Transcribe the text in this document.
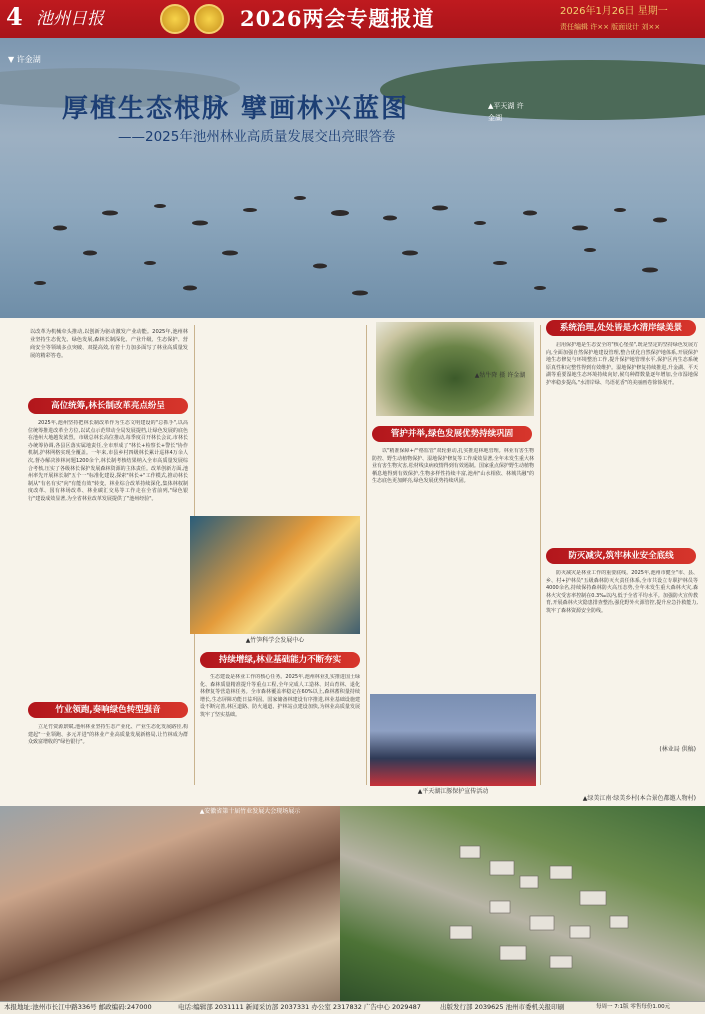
4 池州日报	2026两会专题报道	2026年1月26日 星期一
责任编辑 许×× 版面设计 刘××
▼ 许金湖
厚植生态根脉 擘画林兴蓝图
——2025年池州林业高质量发展交出亮眼答卷
▲平天湖 许金湖
以改革为机械牵头推动,以创新为驱动激发产业动能。2025年,池州林业坚持生态优先、绿色发展,森林长制深化、产业升级、生态保护、营商安全等领域多点突破、双提高效,有着十力加多面写了林业高质量发展的精彩答卷。
高位统筹,林长制改革亮点纷呈
2025年,池州坚持把林长制改革作为生态文明建设的"总抓手",以高位统筹推进改革全方位,以试点示范带动全局发展提档,让绿色发展的底色在池州大地越发浓烈。市级总林长高位推动,每季度召开林长会议,市林长办统筹协调,各县区落实属地责任,全市形成了"林长+检察长+警长"协作机制,护林网格实现全覆盖。一年来,市县乡村四级林长累计巡林4万余人次,督办解决涉林问题1200余个,林长制考核结果纳入全市高质量发展综合考核,压实了各级林长保护发展森林资源的主体责任。改革创新方面,池州率先开展林长制"五个一"标准化建设,探索"林长+"工作模式,推动林长制从"有名有实"向"有能有效"转变。林业综合改革持续深化,集体林权制度改革、国有林场改革、林业碳汇交易等工作走在全省前列,"绿色银行"建设成效显著,为全省林业改革发展提供了"池州经验"。
竹业领跑,奏响绿色转型强音
立足竹资源禀赋,池州林业坚持生态产业化、产业生态化发展路径,构建起"一业领跑、多元并进"的林业产业高质量发展新格局,让竹林成为群众致富增收的"绿色银行"。
▲竹笋科学会发展中心
持续增绿,林业基础能力不断夯实
生态建设是林业工作的核心任务。2025年,池州林业扎实推进国土绿化、森林质量精准提升等重点工程,全年完成人工造林、封山育林、退化林修复等营造林任务。全市森林覆盖率稳定在60%以上,森林蓄积量持续增长,生态屏障功能日益巩固。国家储备林建设有序推进,林业基础设施建设不断完善,林区道路、防火通道、护林站点建设加快,为林业高质量发展筑牢了坚实基础。
▲牯牛降 摄 许金湖
管护并举,绿色发展优势持续巩固
以"精准保障+严格监管"双轮驱动,扎实推进林地管理。林业有害生物防控、野生动植物保护、湿地保护修复等工作成效显著,全年未发生重大林业有害生物灾害,松材线虫病疫情得到有效遏制。国家重点保护野生动植物栖息地得到有效保护,生物多样性持续丰富,池州"山水相依、林城共融"的生态底色更加鲜亮,绿色发展优势持续巩固。
▲平天湖江豚保护宣传活动
系统治理,处处皆是水清岸绿美景
启用保护地是生态安全的"核心堡垒",既是坚定的坚持绿色发展方向,全面加强自然保护地建设管理,整合优化自然保护地体系,开展保护地生态修复与环境整治工作,提升保护地管理水平,保护区内生态系统原真性和完整性得到有效维护。湿地保护修复持续推进,升金湖、平天湖等重要湿地生态环境持续向好,候鸟种群数量逐年增加,全市湿地保护率稳步提高,"水清岸绿、鸟语花香"的美丽画卷徐徐展开。
防灭减灾,筑牢林业安全底线
防灭减灾是林业工作的重要底线。2025年,池州市健全"市、县、乡、村+护林员"五级森林防灭火责任体系,全市共设立专职护林员等4000余名,持续保持森林防火高压态势,全年未发生重大森林火灾,森林火灾受害率控制在0.3‰以内,低于全省平均水平。加强防火宣传教育,开展森林火灾隐患排查整治,强化野外火源管控,提升应急扑救能力,筑牢了森林资源安全防线。
(林业局 供稿)
▲绿美江南·绿美乡村(本合景色都邀人物村)
▲安徽省第十届竹业发展大会现场展示
本报地址:池州市长江中路336号 邮政编码:247000	电话:编辑部 2031111 新闻采访部 2037331 办公室 2317832 广告中心 2029487	出版发行部 2039625 池州市委机关报印刷	每周一 7:1版 零售每份1.00元
